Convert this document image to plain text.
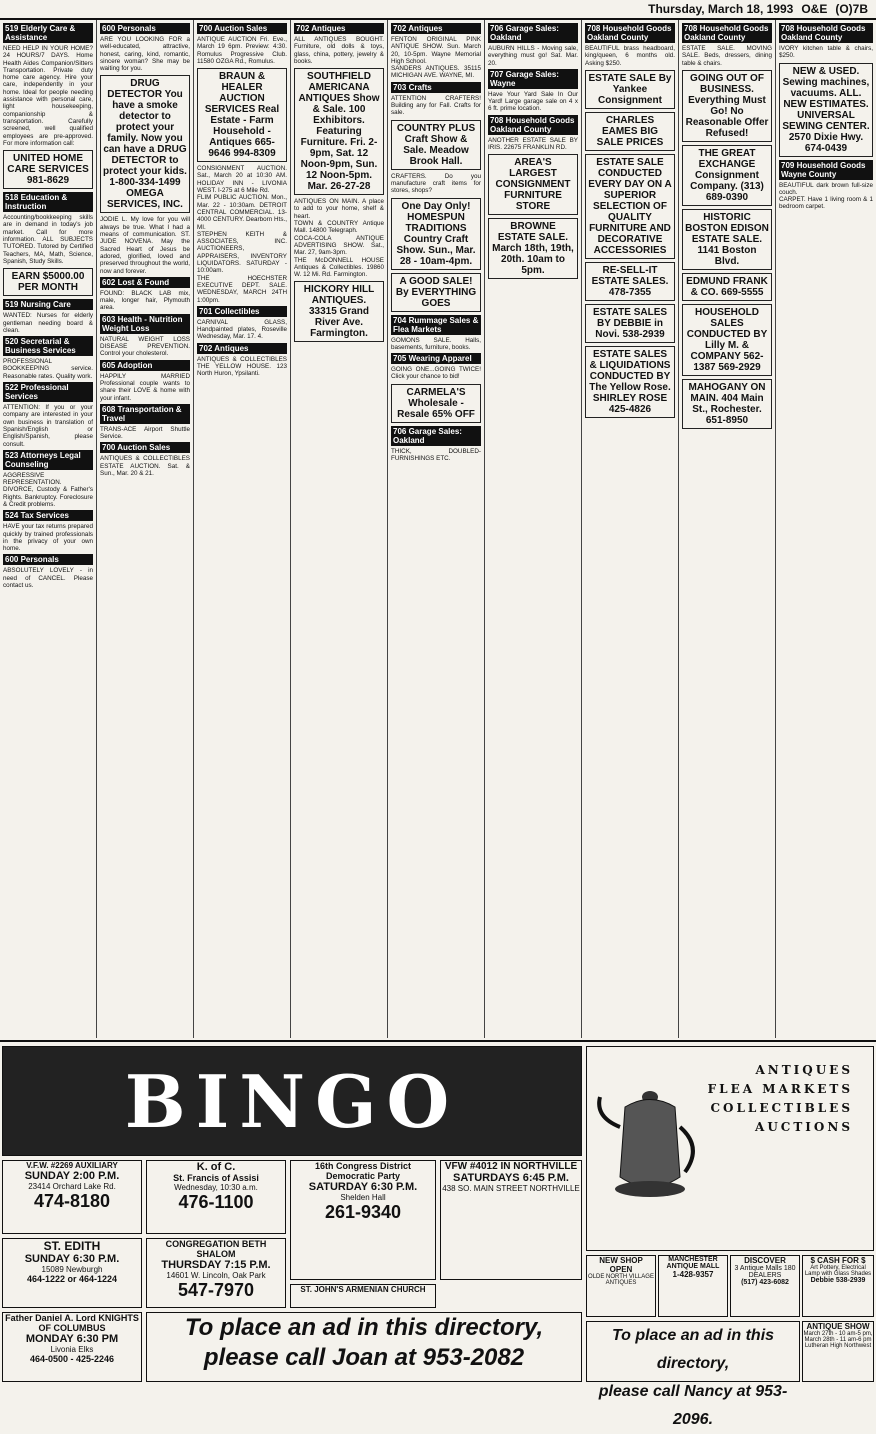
Thursday, March 18, 1993 O&E (O)7B
519 Elderly Care & Assistance
NEED HELP IN YOUR HOME? 24 HOURS/7 DAYS. Home Health Aides Companion/Sitters Transportation. Private duty home care agency. Hire your care, independently in your home. Ideal for people needing assistance with personal care, light housekeeping, companionship & transportation. Carefully screened, well qualified employees are pre-approved. For more information call:
UNITED HOME CARE SERVICES 981-8629
518 Education & Instruction
Accounting/bookkeeping skills are in demand in today's job market. Call for more information. ALL SUBJECTS TUTORED. Tutored by Certified Teachers, MA, Math, Science, Spanish, Study Skills.
EARN $5000.00 PER MONTH
519 Nursing Care
WANTED: Nurses for elderly gentleman needing board & clean.
520 Secretarial & Business Services
PROFESSIONAL BOOKKEEPING service. Reasonable rates. Quality work.
522 Professional Services
ATTENTION: If you or your company are interested in your own business in translation of Spanish/English or English/Spanish, please consult.
523 Attorneys Legal Counseling
AGGRESSIVE REPRESENTATION. DIVORCE, Custody & Father's Rights. Bankruptcy. Foreclosure & Credit problems.
524 Tax Services
HAVE your tax returns prepared quickly by trained professionals in the privacy of your own home.
600 Personals
ABSOLUTELY LOVELY - in need of CANCEL. Please contact us.
600 Personals
ARE YOU LOOKING FOR a well-educated, attractive, honest, caring, kind, romantic, sincere woman? She may be waiting for you.
DRUG DETECTOR You have a smoke detector to protect your family. Now you can have a DRUG DETECTOR to protect your kids. 1-800-334-1499 OMEGA SERVICES, INC.
JODIE L. My love for you will always be true. What I had a means of communication. ST. JUDE NOVENA. May the Sacred Heart of Jesus be adored, glorified, loved and preserved throughout the world, now and forever.
602 Lost & Found
FOUND: BLACK LAB mix, male, longer hair, Plymouth area.
603 Health - Nutrition Weight Loss
NATURAL WEIGHT LOSS DISEASE PREVENTION. Control your cholesterol.
605 Adoption
HAPPILY MARRIED Professional couple wants to share their LOVE & home with your infant.
608 Transportation & Travel
TRANS-ACE Airport Shuttle Service.
700 Auction Sales
ANTIQUES & COLLECTIBLES ESTATE AUCTION. Sat. & Sun., Mar. 20 & 21.
700 Auction Sales
ANTIQUE AUCTION Fri. Eve., March 19 6pm. Preview: 4:30. Romulus Progressive Club. 11580 OZGA Rd., Romulus.
BRAUN & HEALER AUCTION SERVICES Real Estate - Farm Household - Antiques 665-9646 994-8309
CONSIGNMENT AUCTION. Sat., March 20 at 10:30 AM. HOLIDAY INN - LIVONIA WEST. I-275 at 6 Mile Rd.
FLIM PUBLIC AUCTION. Mon., Mar. 22 - 10:30am. DETROIT CENTRAL COMMERCIAL. 13-4000 CENTURY. Dearborn Hts., MI.
STEPHEN KEITH & ASSOCIATES, INC. AUCTIONEERS, APPRAISERS, INVENTORY LIQUIDATORS. SATURDAY - 10:00am.
THE HOECHSTER EXECUTIVE DEPT. SALE. WEDNESDAY, MARCH 24TH 1:00pm.
701 Collectibles
CARNIVAL GLASS, Handpainted plates, Roseville Wednesday, Mar. 17. 4.
702 Antiques
ANTIQUES & COLLECTIBLES THE YELLOW HOUSE. 123 North Huron, Ypsilanti.
702 Antiques
ALL ANTIQUES BOUGHT. Furniture, old dolls & toys, glass, china, pottery, jewelry & books.
SOUTHFIELD AMERICANA ANTIQUES Show & Sale. 100 Exhibitors. Featuring Furniture. Fri. 2-9pm, Sat. 12 Noon-9pm, Sun. 12 Noon-5pm. Mar. 26-27-28
ANTIQUES ON MAIN. A place to add to your home, shelf & heart.
TOWN & COUNTRY Antique Mall. 14800 Telegraph.
COCA-COLA ANTIQUE ADVERTISING SHOW. Sat., Mar. 27, 9am-3pm.
THE McDONNELL HOUSE Antiques & Collectibles. 19860 W. 12 Mi. Rd. Farmington.
HICKORY HILL ANTIQUES. 33315 Grand River Ave. Farmington.
702 Antiques
FENTON ORIGINAL PINK ANTIQUE SHOW. Sun. March 20, 10-5pm. Wayne Memorial High School.
SANDERS ANTIQUES. 35115 MICHIGAN AVE. WAYNE, MI.
703 Crafts
ATTENTION CRAFTERS! Building any for Fall. Crafts for sale.
COUNTRY PLUS Craft Show & Sale. Meadow Brook Hall.
CRAFTERS. Do you manufacture craft items for stores, shops?
One Day Only! HOMESPUN TRADITIONS Country Craft Show. Sun., Mar. 28 - 10am-4pm.
A GOOD SALE! By EVERYTHING GOES
704 Rummage Sales & Flea Markets
GOMONS SALE. Halls, basements, furniture, books.
705 Wearing Apparel
GOING ONE...GOING TWICE! Click your chance to bid!
CARMELA'S Wholesale - Resale 65% OFF
706 Garage Sales: Oakland
THICK, DOUBLED-FURNISHINGS ETC.
706 Garage Sales: Oakland
AUBURN HILLS - Moving sale, everything must go! Sat. Mar. 20.
707 Garage Sales: Wayne
Have Your Yard Sale In Our Yard! Large garage sale on 4 x 6 ft. prime location.
708 Household Goods Oakland County
ANOTHER ESTATE SALE BY IRIS. 22675 FRANKLIN RD.
AREA'S LARGEST CONSIGNMENT FURNITURE STORE
BROWNE ESTATE SALE. March 18th, 19th, 20th. 10am to 5pm.
708 Household Goods Oakland County
BEAUTIFUL brass headboard, king/queen, 6 months old. Asking $250.
ESTATE SALE By Yankee Consignment
CHARLES EAMES BIG SALE PRICES
ESTATE SALE CONDUCTED EVERY DAY ON A SUPERIOR SELECTION OF QUALITY FURNITURE AND DECORATIVE ACCESSORIES
RE-SELL-IT ESTATE SALES. 478-7355
ESTATE SALES BY DEBBIE in Novi. 538-2939
ESTATE SALES & LIQUIDATIONS CONDUCTED BY The Yellow Rose. SHIRLEY ROSE 425-4826
708 Household Goods Oakland County
ESTATE SALE. MOVING SALE. Beds, dressers, dining table & chairs.
GOING OUT OF BUSINESS. Everything Must Go! No Reasonable Offer Refused!
THE GREAT EXCHANGE Consignment Company. (313) 689-0390
HISTORIC BOSTON EDISON ESTATE SALE. 1141 Boston Blvd.
EDMUND FRANK & CO. 669-5555
HOUSEHOLD SALES CONDUCTED BY Lilly M. & COMPANY 562-1387 569-2929
MAHOGANY ON MAIN. 404 Main St., Rochester. 651-8950
708 Household Goods Oakland County
IVORY kitchen table & chairs, $250.
NEW & USED. Sewing machines, vacuums. ALL. NEW ESTIMATES. UNIVERSAL SEWING CENTER. 2570 Dixie Hwy. 674-0439
709 Household Goods Wayne County
BEAUTIFUL dark brown full-size couch.
CARPET. Have 1 living room & 1 bedroom carpet.
BINGO
V.F.W. #2269 AUXILIARY
SUNDAY 2:00 P.M.
23414 Orchard Lake Rd.
474-8180
K. of C.
St. Francis of Assisi
Wednesday, 10:30 a.m.
476-1100
16th Congress District Democratic Party
SATURDAY 6:30 P.M.
Shelden Hall
261-9340
VFW #4012 IN NORTHVILLE
SATURDAYS 6:45 P.M.
438 SO. MAIN STREET NORTHVILLE
ST. EDITH
SUNDAY 6:30 P.M.
15089 Newburgh
464-1222 or 464-1224
CONGREGATION BETH SHALOM
THURSDAY 7:15 P.M.
14601 W. Lincoln, Oak Park
547-7970	ST. JOHN'S ARMENIAN CHURCH
Father Daniel A. Lord KNIGHTS OF COLUMBUS
MONDAY 6:30 PM
Livonia Elks
464-0500 - 425-2246
To place an ad in this directory,
please call Joan at 953-2082
ANTIQUES
FLEA MARKETS
COLLECTIBLES
AUCTIONS
NEW SHOP OPEN
OLDE NORTH VILLAGE ANTIQUES
MANCHESTER ANTIQUE MALL
1-428-9357
DISCOVER
3 Antique Malls 180 DEALERS
(517) 423-6082
$ CASH FOR $
Art Pottery, Electrical Lamp with Glass Shades
Debbie 538-2939
To place an ad in this directory,
please call Nancy at 953-2096.
ANTIQUE SHOW
March 27th - 10 am-5 pm, March 28th - 11 am-6 pm
Lutheran High Northwest
